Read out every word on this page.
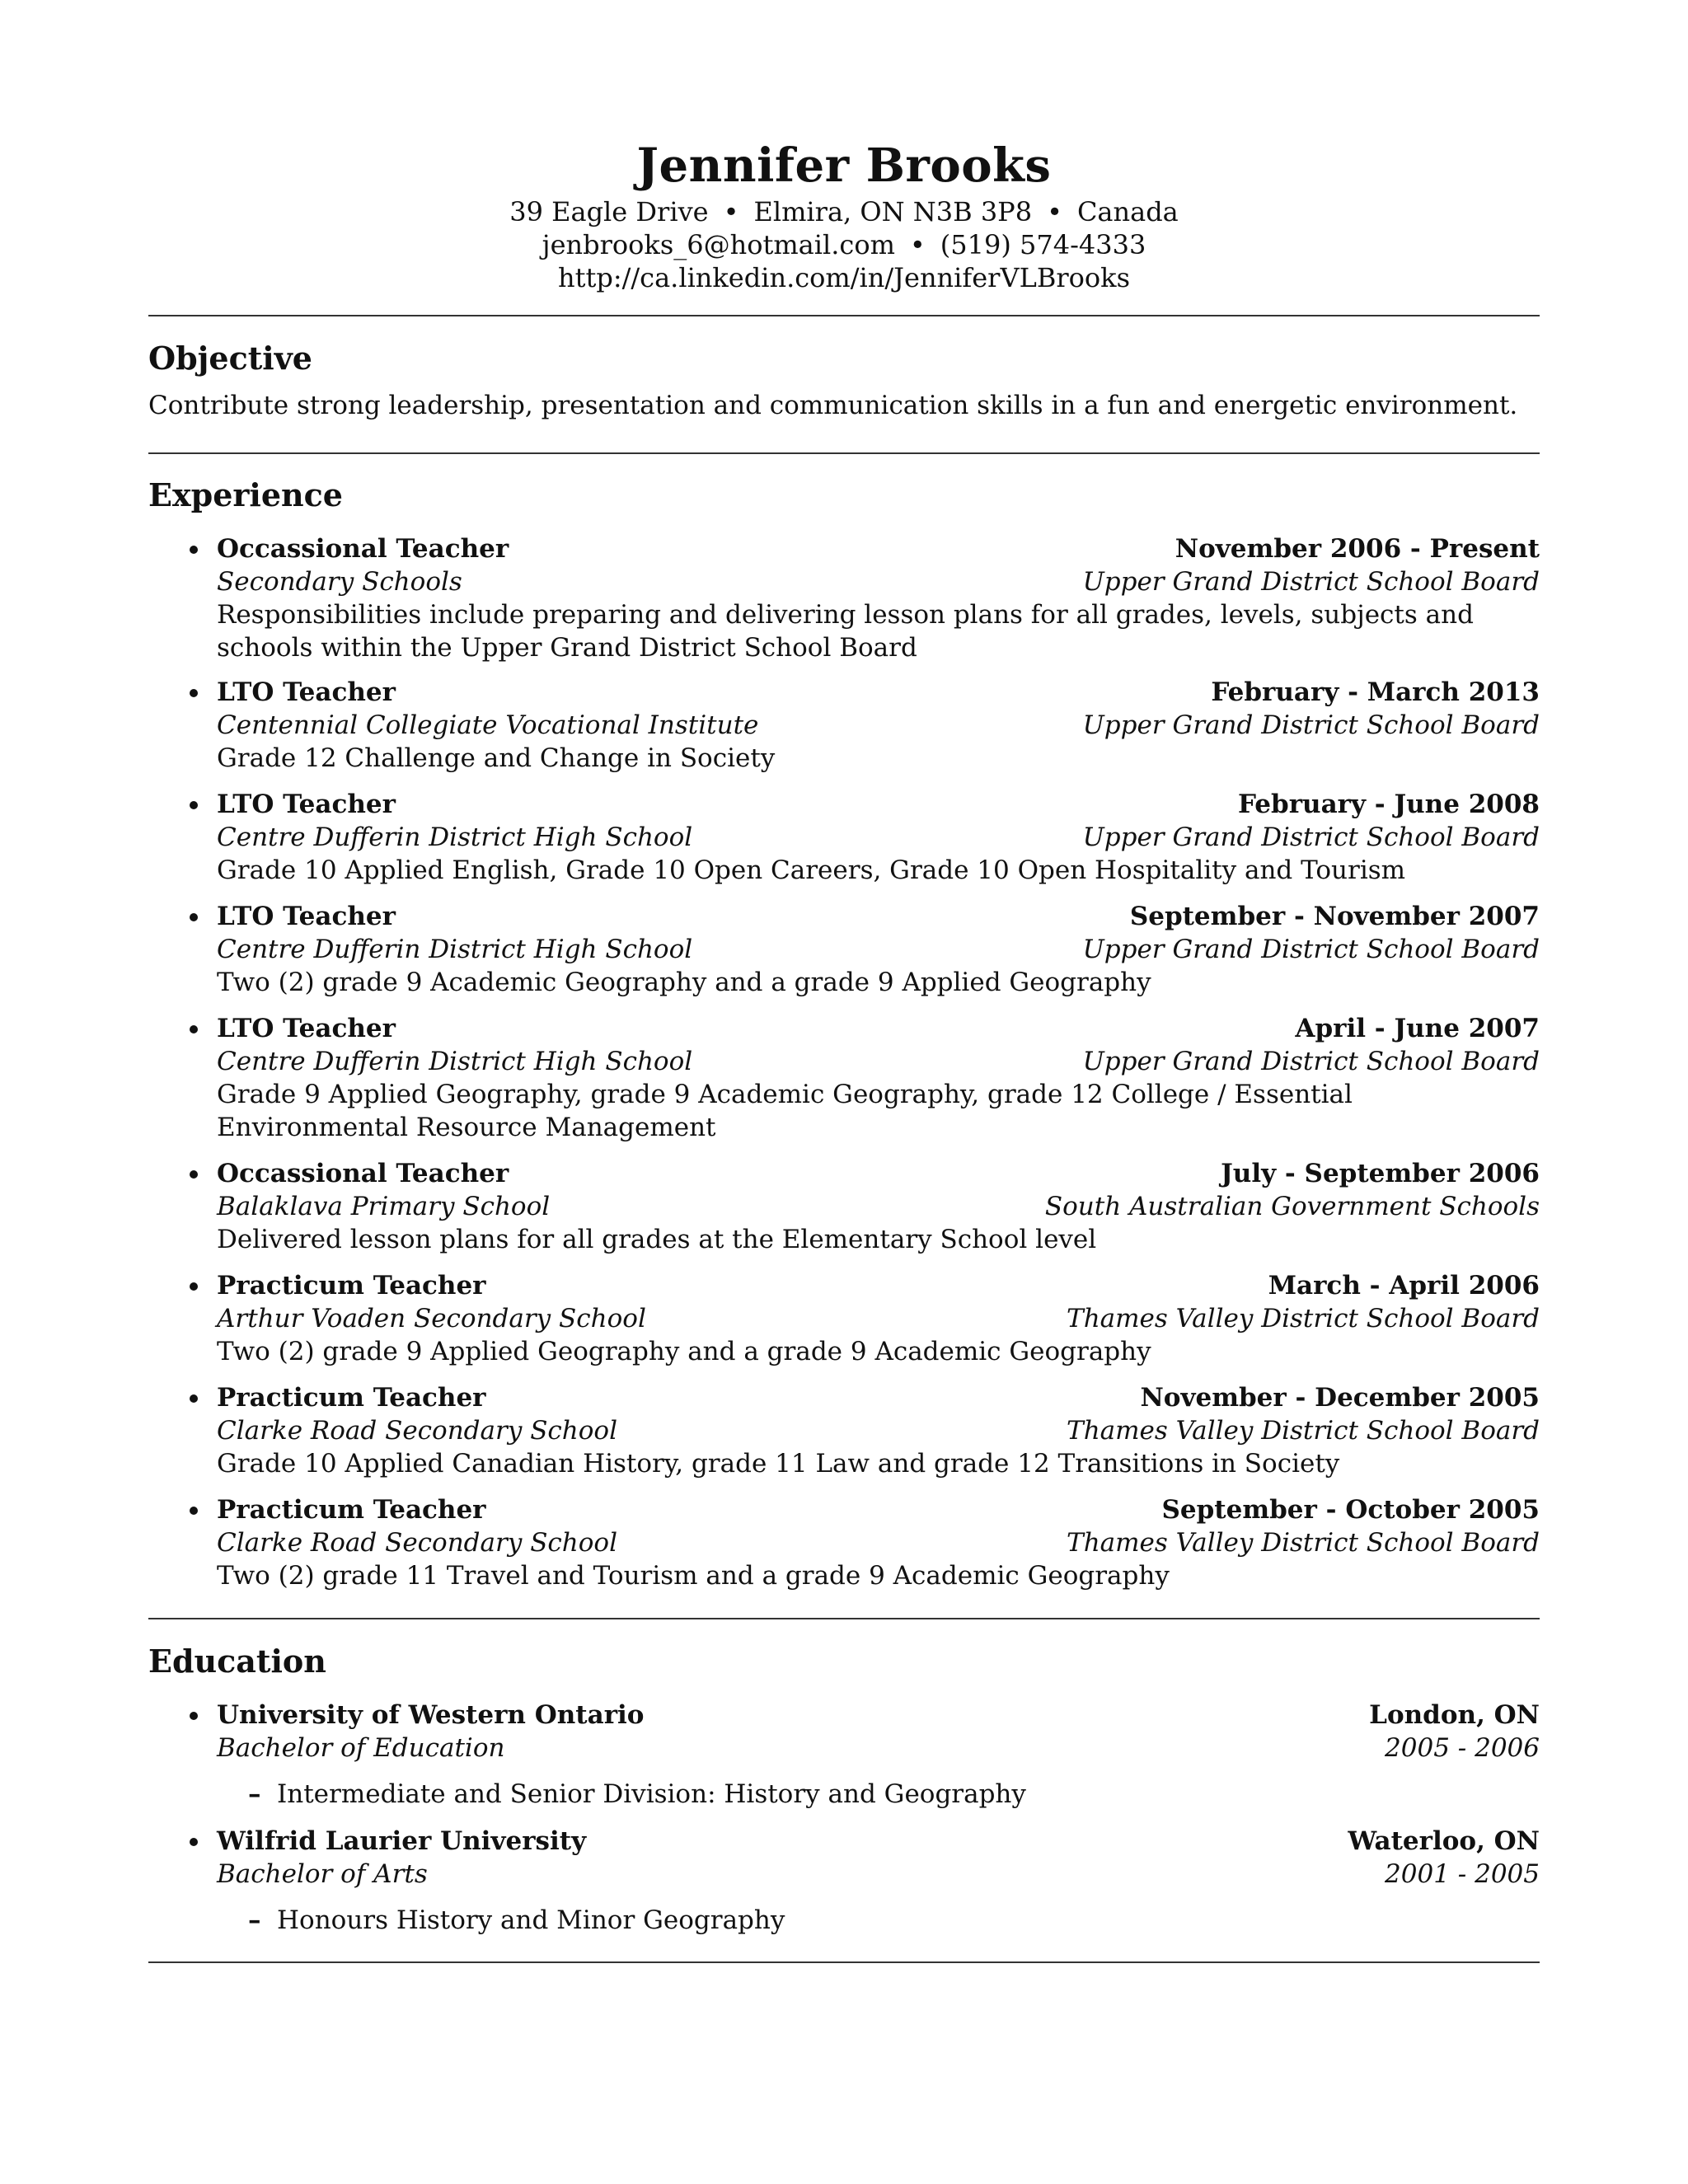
Jennifer Brooks
39 Eagle Drive • Elmira, ON N3B 3P8 • Canada
jenbrooks_6@hotmail.com • (519) 574-4333
http://ca.linkedin.com/in/JenniferVLBrooks
Objective
Contribute strong leadership, presentation and communication skills in a fun and energetic environment.
Experience
Occassional Teacher	November 2006 - Present
Secondary Schools	Upper Grand District School Board
Responsibilities include preparing and delivering lesson plans for all grades, levels, subjects and schools within the Upper Grand District School Board
LTO Teacher	February - March 2013
Centennial Collegiate Vocational Institute	Upper Grand District School Board
Grade 12 Challenge and Change in Society
LTO Teacher	February - June 2008
Centre Dufferin District High School	Upper Grand District School Board
Grade 10 Applied English, Grade 10 Open Careers, Grade 10 Open Hospitality and Tourism
LTO Teacher	September - November 2007
Centre Dufferin District High School	Upper Grand District School Board
Two (2) grade 9 Academic Geography and a grade 9 Applied Geography
LTO Teacher	April - June 2007
Centre Dufferin District High School	Upper Grand District School Board
Grade 9 Applied Geography, grade 9 Academic Geography, grade 12 College / Essential Environmental Resource Management
Occassional Teacher	July - September 2006
Balaklava Primary School	South Australian Government Schools
Delivered lesson plans for all grades at the Elementary School level
Practicum Teacher	March - April 2006
Arthur Voaden Secondary School	Thames Valley District School Board
Two (2) grade 9 Applied Geography and a grade 9 Academic Geography
Practicum Teacher	November - December 2005
Clarke Road Secondary School	Thames Valley District School Board
Grade 10 Applied Canadian History, grade 11 Law and grade 12 Transitions in Society
Practicum Teacher	September - October 2005
Clarke Road Secondary School	Thames Valley District School Board
Two (2) grade 11 Travel and Tourism and a grade 9 Academic Geography
Education
University of Western Ontario	London, ON
Bachelor of Education	2005 - 2006
– Intermediate and Senior Division: History and Geography
Wilfrid Laurier University	Waterloo, ON
Bachelor of Arts	2001 - 2005
– Honours History and Minor Geography
